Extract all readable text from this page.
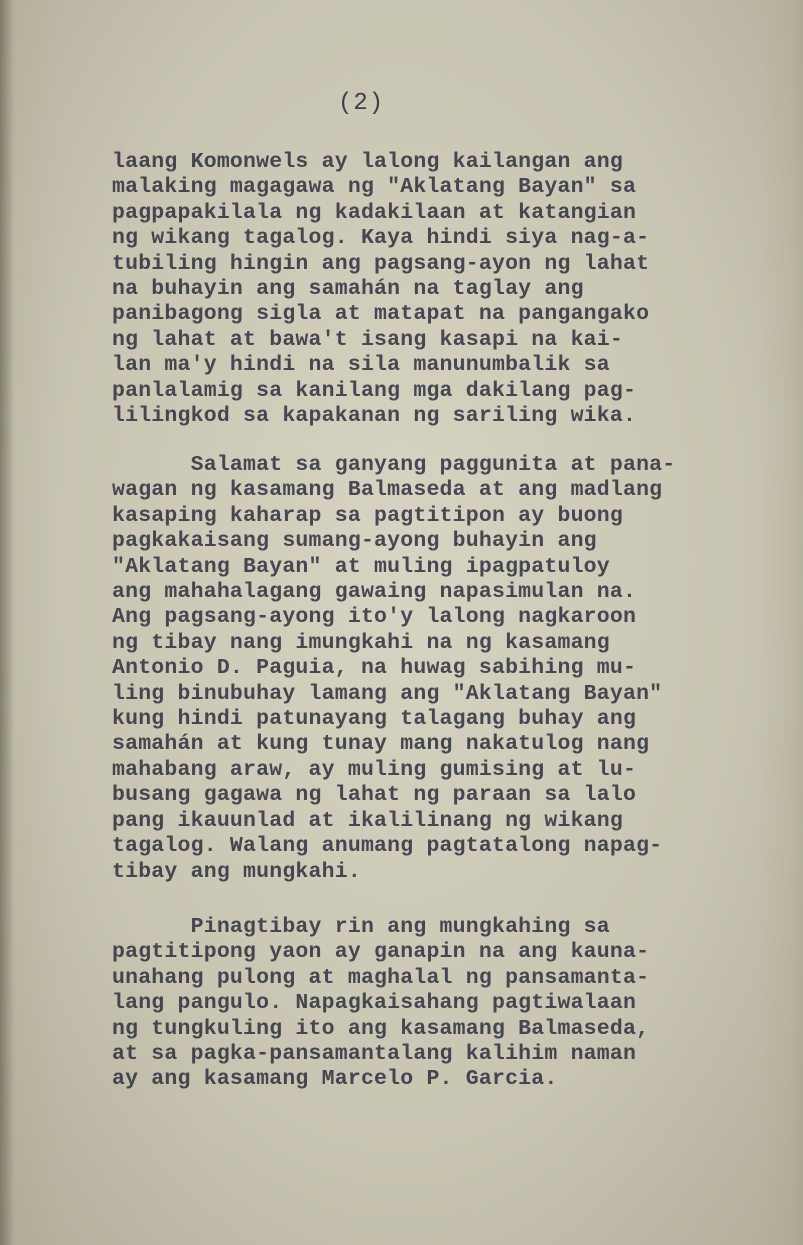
(2)

laang Komonwels ay lalong kailangan ang
malaking magagawa ng "Aklatang Bayan" sa
pagpapakilala ng kadakilaan at katangian
ng wikang tagalog. Kaya hindi siya nag-a-
tubiling hingin ang pagsang-ayon ng lahat
na buhayin ang samahán na taglay ang
panibagong sigla at matapat na pangangako
ng lahat at bawa't isang kasapi na kai-
lan ma'y hindi na sila manunumbalik sa
panlalamig sa kanilang mga dakilang pag-
lilingkod sa kapakanan ng sariling wika.

Salamat sa ganyang paggunita at pana-
wagan ng kasamang Balmaseda at ang madlang
kasaping kaharap sa pagtitipon ay buong
pagkakaisang sumang-ayong buhayin ang
"Aklatang Bayan" at muling ipagpatuloy
ang mahahalagang gawaing napasimulan na.
Ang pagsang-ayong ito'y lalong nagkaroon
ng tibay nang imungkahi na ng kasamang
Antonio D. Paguia, na huwag sabihing mu-
ling binubuhay lamang ang "Aklatang Bayan"
kung hindi patunayang talagang buhay ang
samahán at kung tunay mang nakatulog nang
mahabang araw, ay muling gumising at lu-
busang gagawa ng lahat ng paraan sa lalo
pang ikauunlad at ikalilinang ng wikang
tagalog. Walang anumang pagtatalong napag-
tibay ang mungkahi.

Pinagtibay rin ang mungkahing sa
pagtitipong yaon ay ganapin na ang kauna-
unahang pulong at maghalal ng pansamanta-
lang pangulo. Napagkaisahang pagtiwalaan
ng tungkuling ito ang kasamang Balmaseda,
at sa pagka-pansamantalang kalihim naman
ay ang kasamang Marcelo P. Garcia.
